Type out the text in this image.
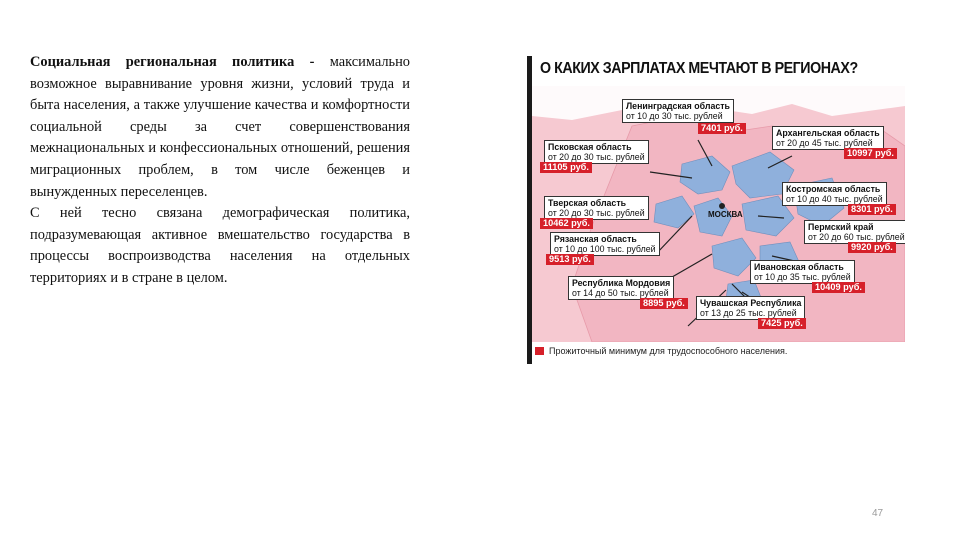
Социальная региональная политика - максимально возможное выравнивание уровня жизни, условий труда и быта населения, а также улучшение качества и комфортности социальной среды за счет совершенствования межнациональных и конфессиональных отношений, решения миграционных проблем, в том числе беженцев и вынужденных переселенцев.

С ней тесно связана демографическая политика, подразумевающая активное вмешательство государства в процессы воспроизводства населения на отдельных территориях и в стране в целом.

О КАКИХ ЗАРПЛАТАХ МЕЧТАЮТ В РЕГИОНАХ?
МОСКВА
Ленинградская область
от 10 до 30 тыс. рублей
7401 руб.
Псковская область
от 20 до 30 тыс. рублей
11105 руб.
Архангельская область
от 20 до 45 тыс. рублей
10997 руб.
Тверская область
от 20 до 30 тыс. рублей
10462 руб.
Костромская область
от 10 до 40 тыс. рублей
8301 руб.
Пермский край
от 20 до 60 тыс. рублей
9920 руб.
Рязанская область
от 10 до 100 тыс. рублей
9513 руб.
Ивановская область
от 10 до 35 тыс. рублей
10409 руб.
Республика Мордовия
от 14 до 50 тыс. рублей
8895 руб.	Чувашская Республика
от 13 до 25 тыс. рублей
7425 руб.
Прожиточный минимум для трудоспособного населения.
47
